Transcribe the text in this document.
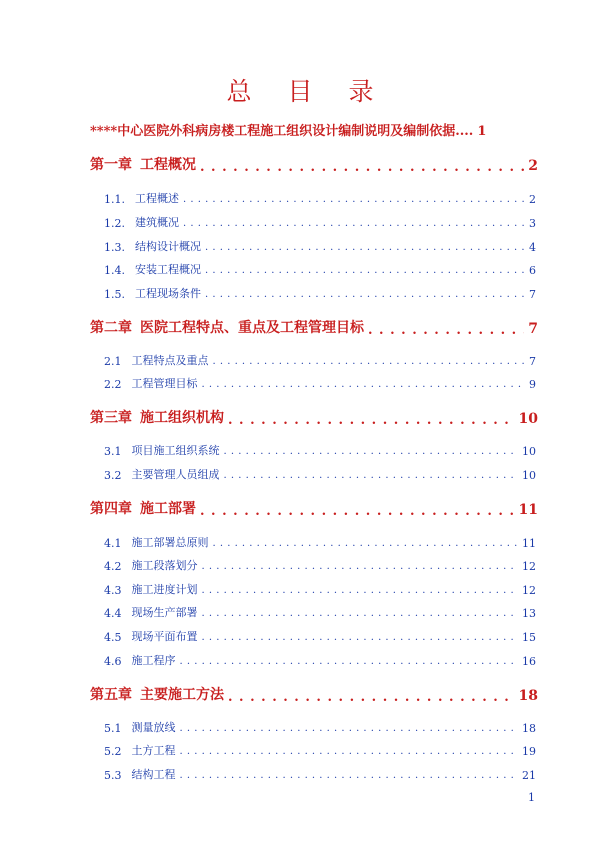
总 目 录
****中心医院外科病房楼工程施工组织设计编制说明及编制依据.... 1
第一章 工程概况 . . .	2
1.1. 工程概述 . . .	2
1.2. 建筑概况 . . .	3
1.3. 结构设计概况 . . .	4
1.4. 安装工程概况 . . .	6
1.5. 工程现场条件 . . .	7
第二章 医院工程特点、重点及工程管理目标 . . .	7
2.1 工程特点及重点 . . .	7
2.2 工程管理目标 . . .	9
第三章 施工组织机构 . . .	10
3.1 项目施工组织系统 . . .	10
3.2 主要管理人员组成 . . .	10
第四章 施工部署 . . .	11
4.1 施工部署总原则 . . .	11
4.2 施工段落划分 . . .	12
4.3 施工进度计划 . . .	12
4.4 现场生产部署 . . .	13
4.5 现场平面布置 . . .	15
4.6 施工程序 . . .	16
第五章 主要施工方法 . . .	18
5.1 测量放线 . . .	18
5.2 土方工程 . . .	19
5.3 结构工程 . . .	21
1
